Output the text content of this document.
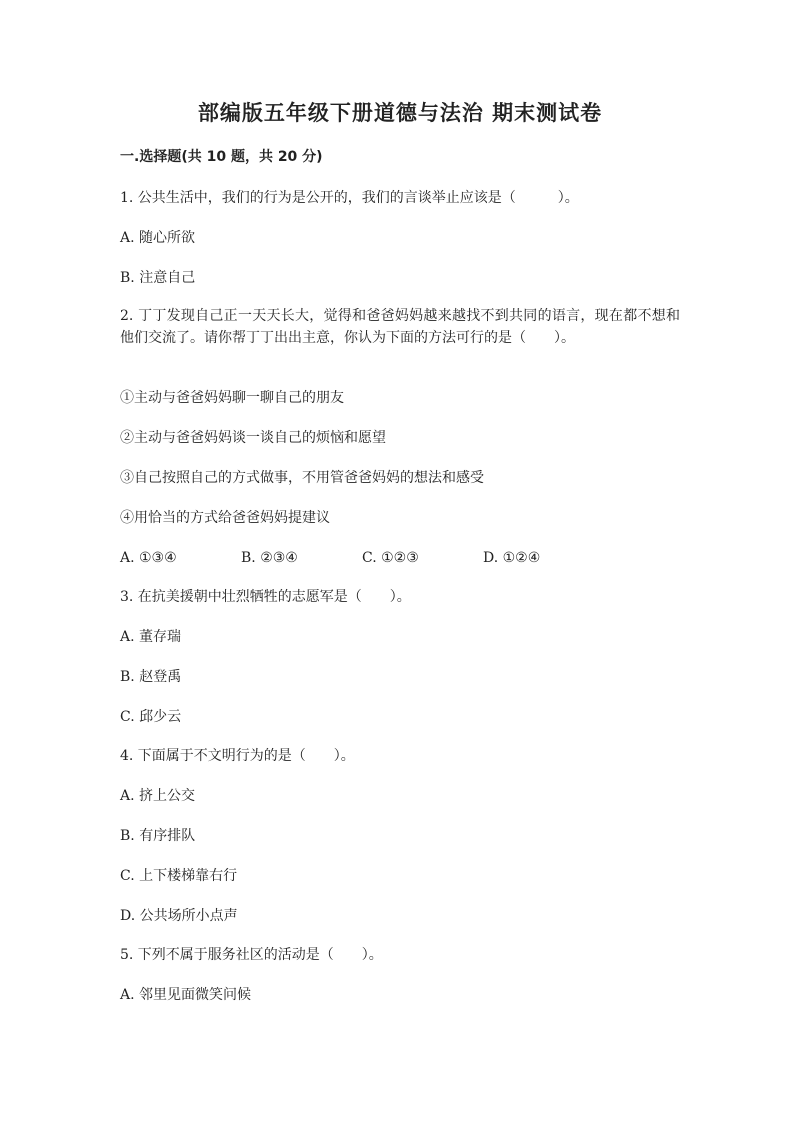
部编版五年级下册道德与法治 期末测试卷
一.选择题(共 10 题，共 20 分)
1. 公共生活中，我们的行为是公开的，我们的言谈举止应该是（　　　）。
A. 随心所欲
B. 注意自己
2. 丁丁发现自己正一天天长大，觉得和爸爸妈妈越来越找不到共同的语言，现在都不想和他们交流了。请你帮丁丁出出主意，你认为下面的方法可行的是（　　）。
①主动与爸爸妈妈聊一聊自己的朋友
②主动与爸爸妈妈谈一谈自己的烦恼和愿望
③自己按照自己的方式做事，不用管爸爸妈妈的想法和感受
④用恰当的方式给爸爸妈妈提建议
A. ①③④	B. ②③④	C. ①②③	D. ①②④
3. 在抗美援朝中壮烈牺牲的志愿军是（　　）。
A. 董存瑞
B. 赵登禹
C. 邱少云
4. 下面属于不文明行为的是（　　）。
A. 挤上公交
B. 有序排队
C. 上下楼梯靠右行
D. 公共场所小点声
5. 下列不属于服务社区的活动是（　　）。
A. 邻里见面微笑问候
